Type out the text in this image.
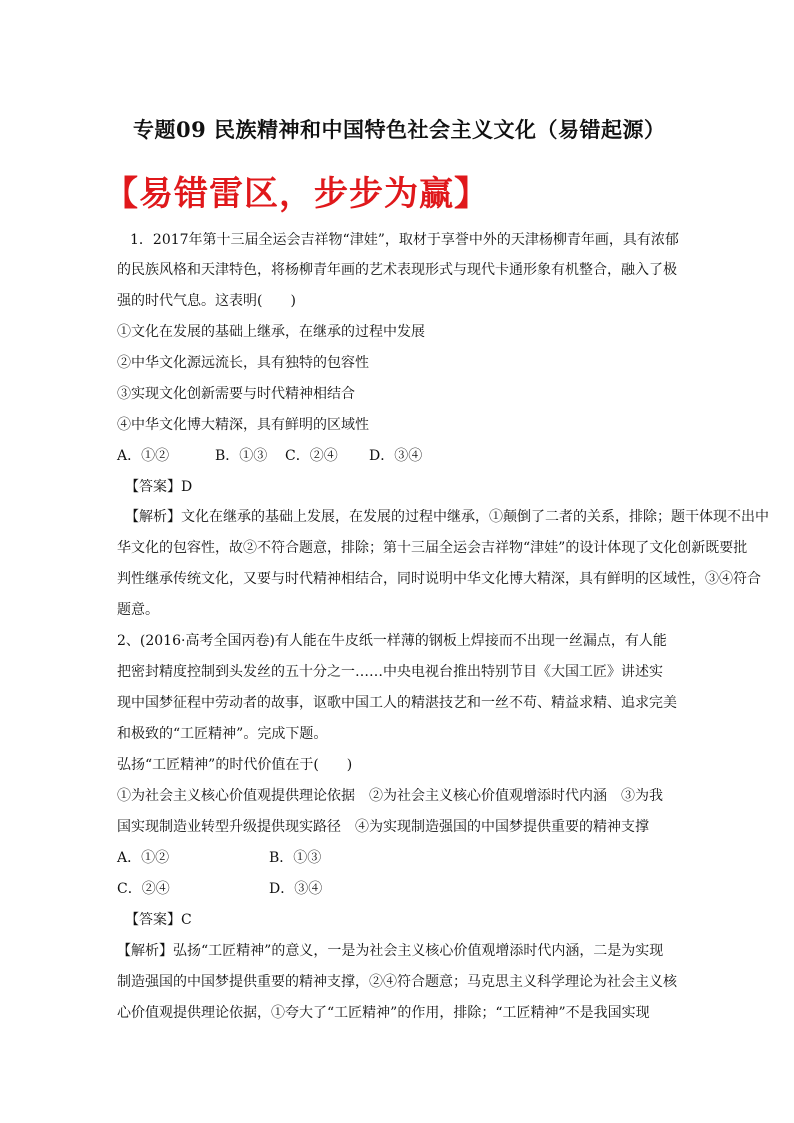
专题09 民族精神和中国特色社会主义文化（易错起源）
【易错雷区，步步为赢】
1．2017年第十三届全运会吉祥物“津娃”，取材于享誉中外的天津杨柳青年画，具有浓郁
的民族风格和天津特色，将杨柳青年画的艺术表现形式与现代卡通形象有机整合，融入了极
强的时代气息。这表明(　　)
①文化在发展的基础上继承，在继承的过程中发展
②中华文化源远流长，具有独特的包容性
③实现文化创新需要与时代精神相结合
④中华文化博大精深，具有鲜明的区域性
A．①②	B．①③ C．②④ D．③④
【答案】D
【解析】文化在继承的基础上发展，在发展的过程中继承，①颠倒了二者的关系，排除；题干体现不出中
华文化的包容性，故②不符合题意，排除；第十三届全运会吉祥物“津娃”的设计体现了文化创新既要批
判性继承传统文化，又要与时代精神相结合，同时说明中华文化博大精深，具有鲜明的区域性，③④符合
题意。
2、(2016·高考全国丙卷)有人能在牛皮纸一样薄的钢板上焊接而不出现一丝漏点，有人能
把密封精度控制到头发丝的五十分之一……中央电视台推出特别节目《大国工匠》讲述实
现中国梦征程中劳动者的故事，讴歌中国工人的精湛技艺和一丝不苟、精益求精、追求完美
和极致的“工匠精神”。完成下题。
弘扬“工匠精神”的时代价值在于(　　)
①为社会主义核心价值观提供理论依据　②为社会主义核心价值观增添时代内涵　③为我
国实现制造业转型升级提供现实路径　④为实现制造强国的中国梦提供重要的精神支撑
A．①②	B．①③
C．②④	D．③④
【答案】C
【解析】弘扬“工匠精神”的意义，一是为社会主义核心价值观增添时代内涵，二是为实现
制造强国的中国梦提供重要的精神支撑，②④符合题意；马克思主义科学理论为社会主义核
心价值观提供理论依据，①夸大了“工匠精神”的作用，排除；“工匠精神”不是我国实现
